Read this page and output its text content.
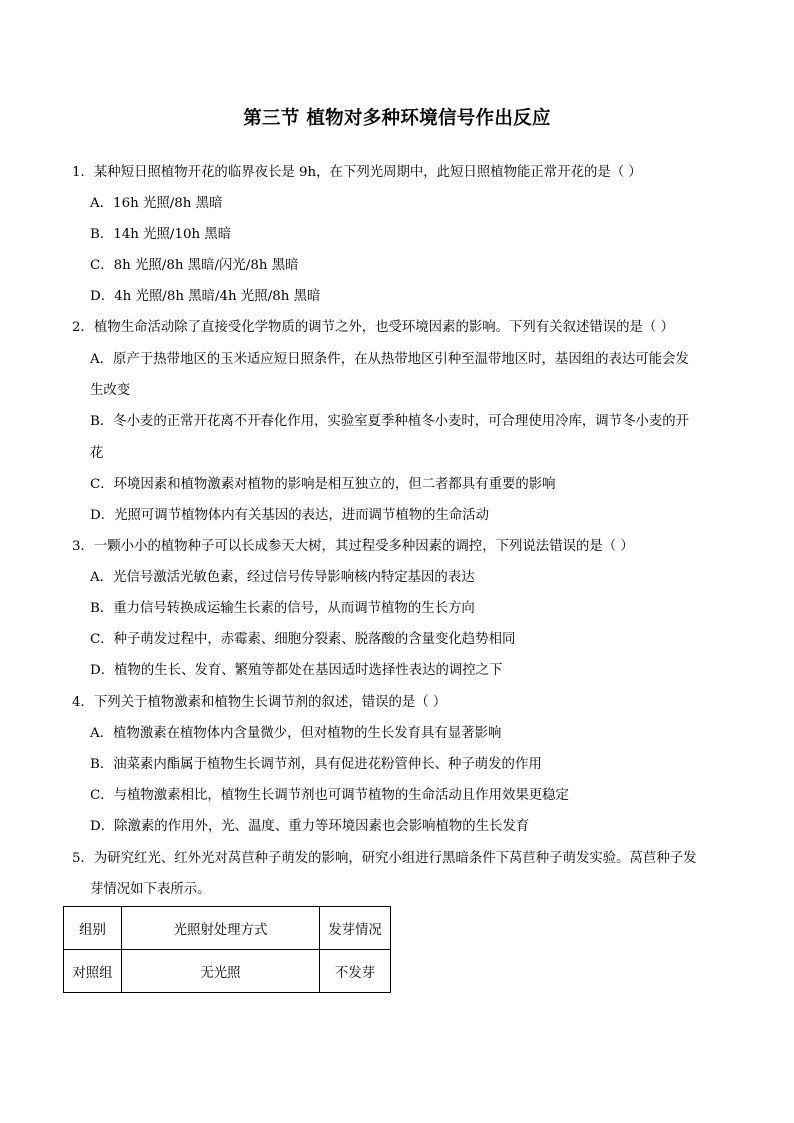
第三节 植物对多种环境信号作出反应
1．某种短日照植物开花的临界夜长是 9h，在下列光周期中，此短日照植物能正常开花的是（ ）
A．16h 光照/8h 黑暗
B．14h 光照/10h 黑暗
C．8h 光照/8h 黑暗/闪光/8h 黑暗
D．4h 光照/8h 黑暗/4h 光照/8h 黑暗
2．植物生命活动除了直接受化学物质的调节之外，也受环境因素的影响。下列有关叙述错误的是（ ）
A．原产于热带地区的玉米适应短日照条件，在从热带地区引种至温带地区时，基因组的表达可能会发
生改变
B．冬小麦的正常开花离不开春化作用，实验室夏季种植冬小麦时，可合理使用冷库，调节冬小麦的开
花
C．环境因素和植物激素对植物的影响是相互独立的，但二者都具有重要的影响
D．光照可调节植物体内有关基因的表达，进而调节植物的生命活动
3．一颗小小的植物种子可以长成参天大树，其过程受多种因素的调控，下列说法错误的是（ ）
A．光信号激活光敏色素，经过信号传导影响核内特定基因的表达
B．重力信号转换成运输生长素的信号，从而调节植物的生长方向
C．种子萌发过程中，赤霉素、细胞分裂素、脱落酸的含量变化趋势相同
D．植物的生长、发育、繁殖等都处在基因适时选择性表达的调控之下
4．下列关于植物激素和植物生长调节剂的叙述，错误的是（ ）
A．植物激素在植物体内含量微少，但对植物的生长发育具有显著影响
B．油菜素内酯属于植物生长调节剂，具有促进花粉管伸长、种子萌发的作用
C．与植物激素相比，植物生长调节剂也可调节植物的生命活动且作用效果更稳定
D．除激素的作用外，光、温度、重力等环境因素也会影响植物的生长发育
5．为研究红光、红外光对莴苣种子萌发的影响，研究小组进行黑暗条件下莴苣种子萌发实验。莴苣种子发
芽情况如下表所示。
组别	光照射处理方式	发芽情况
对照组	无光照	不发芽
